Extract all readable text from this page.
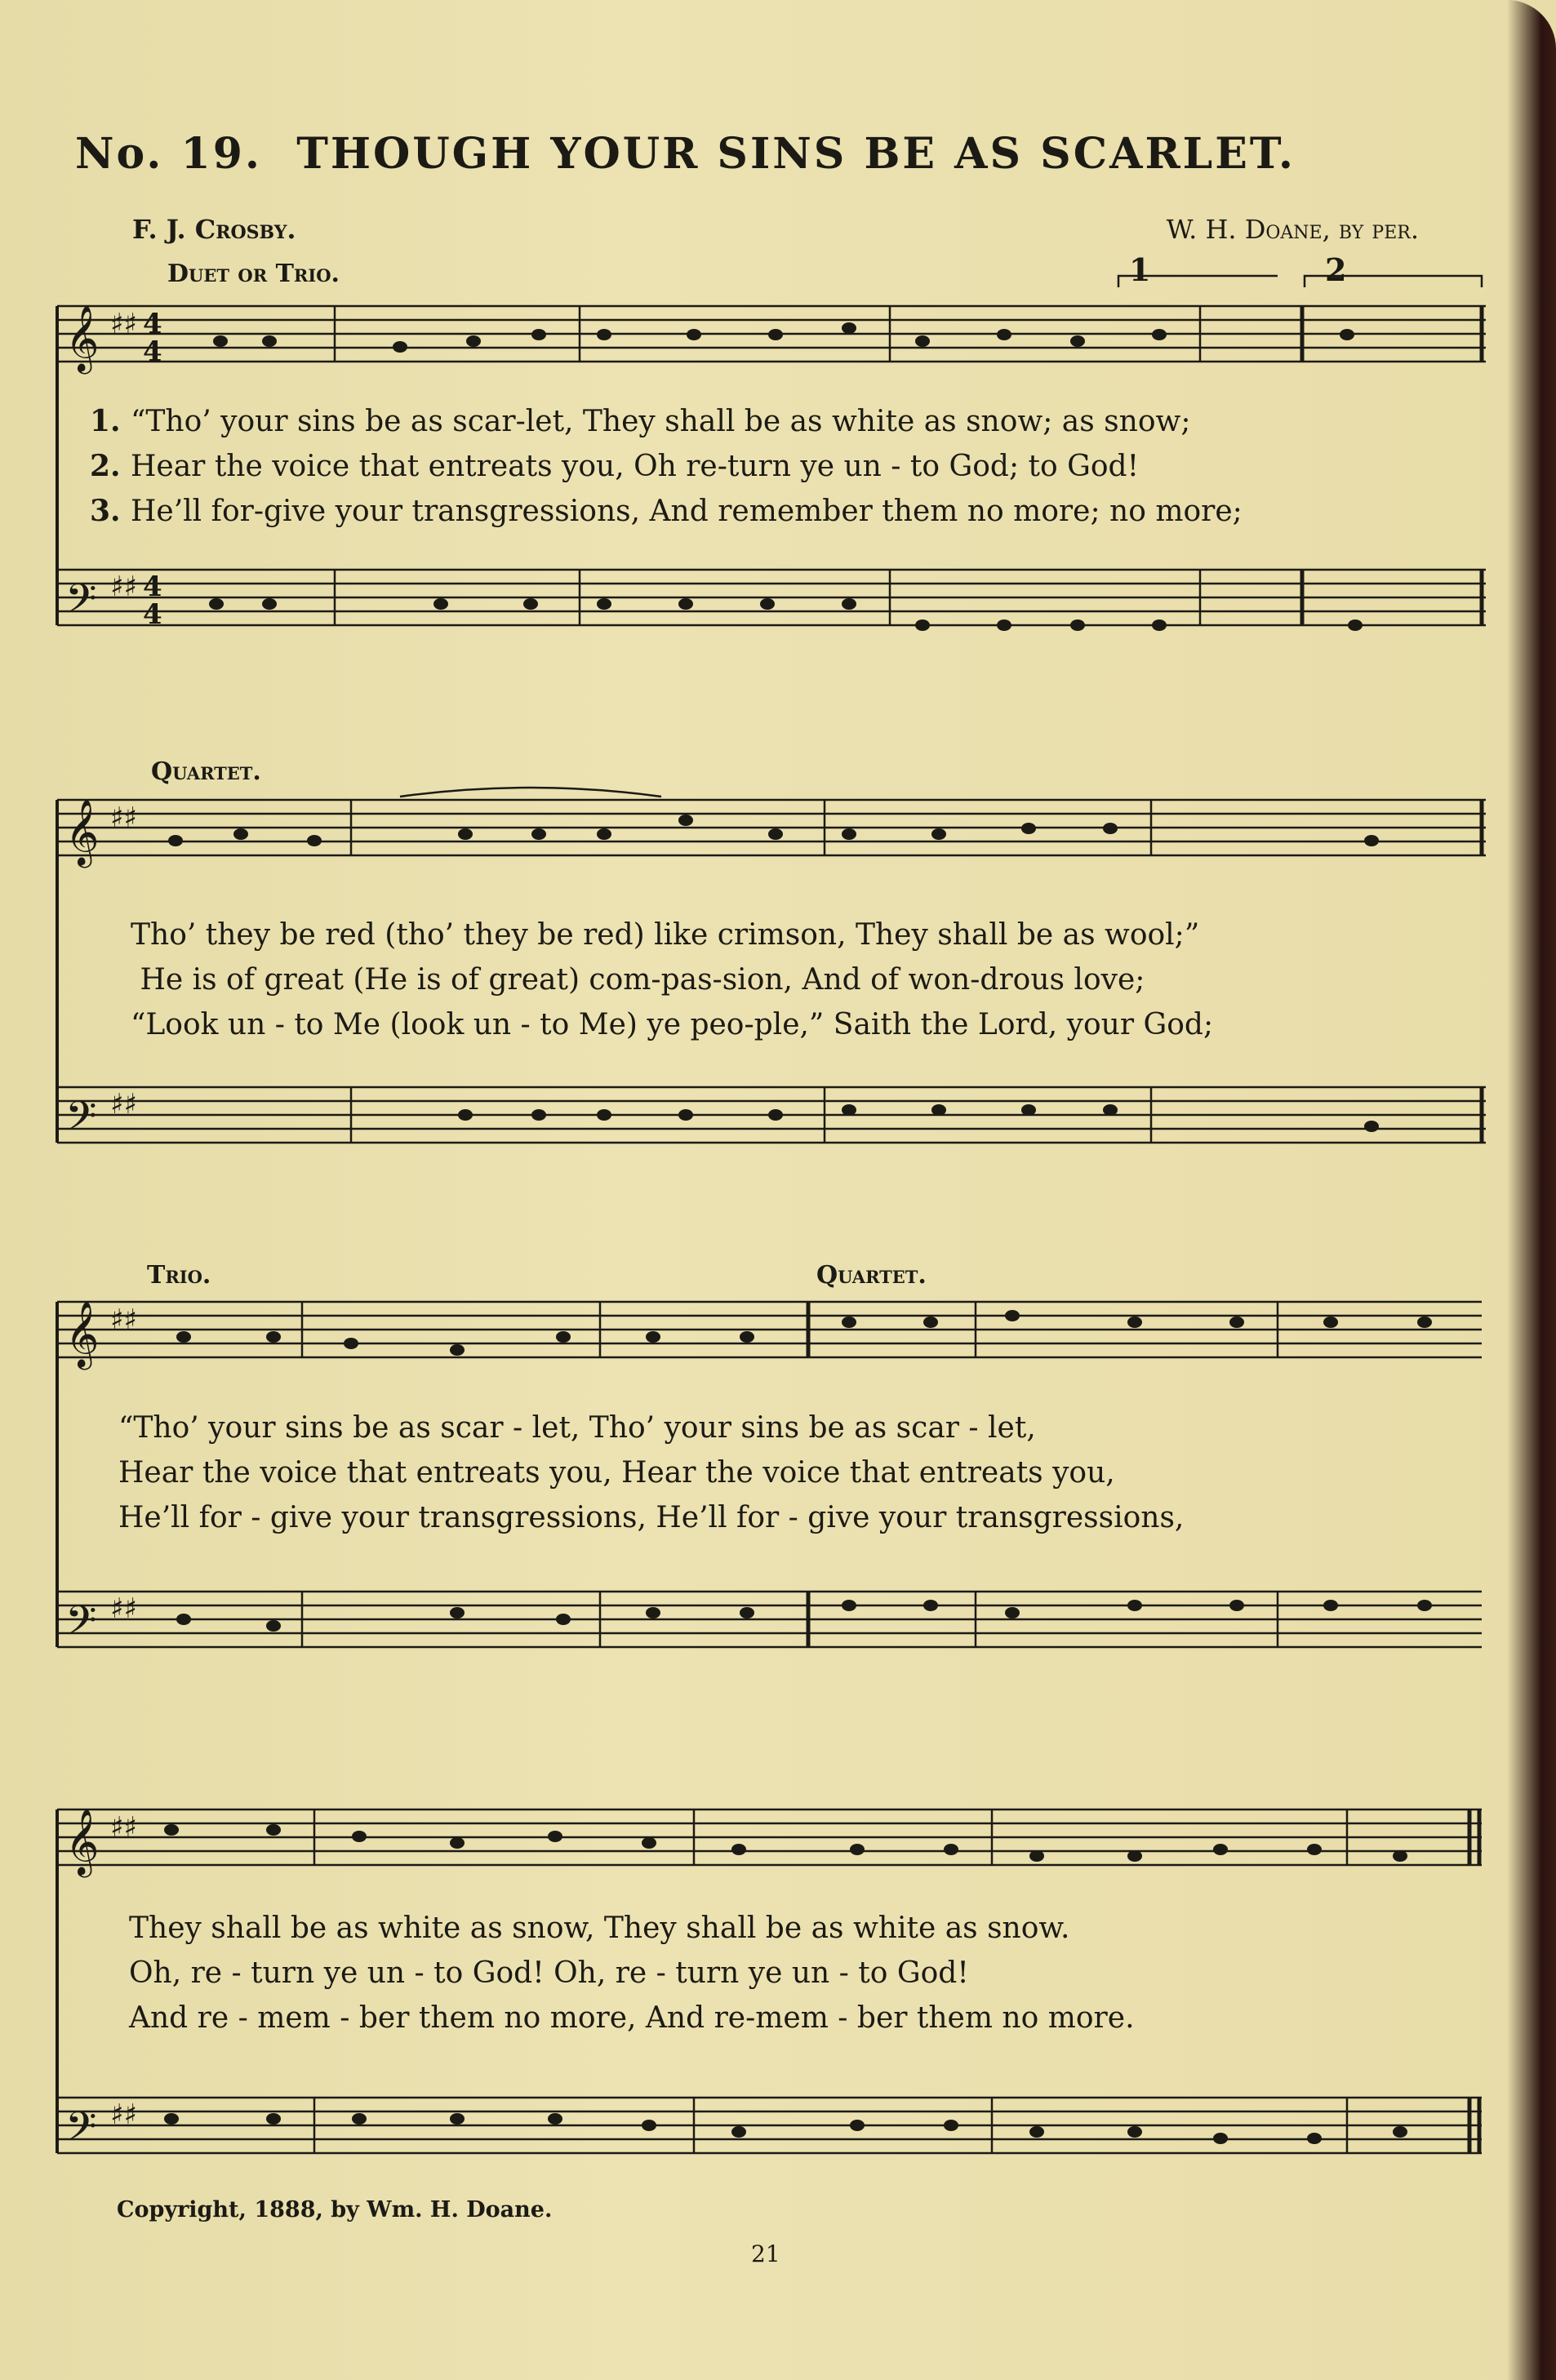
No. 19. THOUGH YOUR SINS BE AS SCARLET.
F. J. Crosby.	W. H. Doane, by per.
Duet or Trio.	1	2
𝄞
𝄢
♯♯
♯♯
4
4
4
4
1. “Tho’ your sins be as scar-let, They shall be as white as snow; as snow;
2. Hear the voice that entreats you, Oh re-turn ye un - to God; to God!
3. He’ll for-give your transgressions, And remember them no more; no more;
Quartet.
𝄞
𝄢
♯♯
♯♯
Tho’ they be red (tho’ they be red) like crimson, They shall be as wool;”
He is of great (He is of great) com-pas-sion, And of won-drous love;
“Look un - to Me (look un - to Me) ye peo-ple,” Saith the Lord, your God;
Trio.	Quartet.
𝄞
𝄢
♯♯
♯♯
“Tho’ your sins be as scar - let, Tho’ your sins be as scar - let,
Hear the voice that entreats you, Hear the voice that entreats you,
He’ll for - give your transgressions, He’ll for - give your transgressions,
𝄞
𝄢
♯♯
♯♯
They shall be as white as snow, They shall be as white as snow.
Oh, re - turn ye un - to God! Oh, re - turn ye un - to God!
And re - mem - ber them no more, And re-mem - ber them no more.
Copyright, 1888, by Wm. H. Doane.
21
